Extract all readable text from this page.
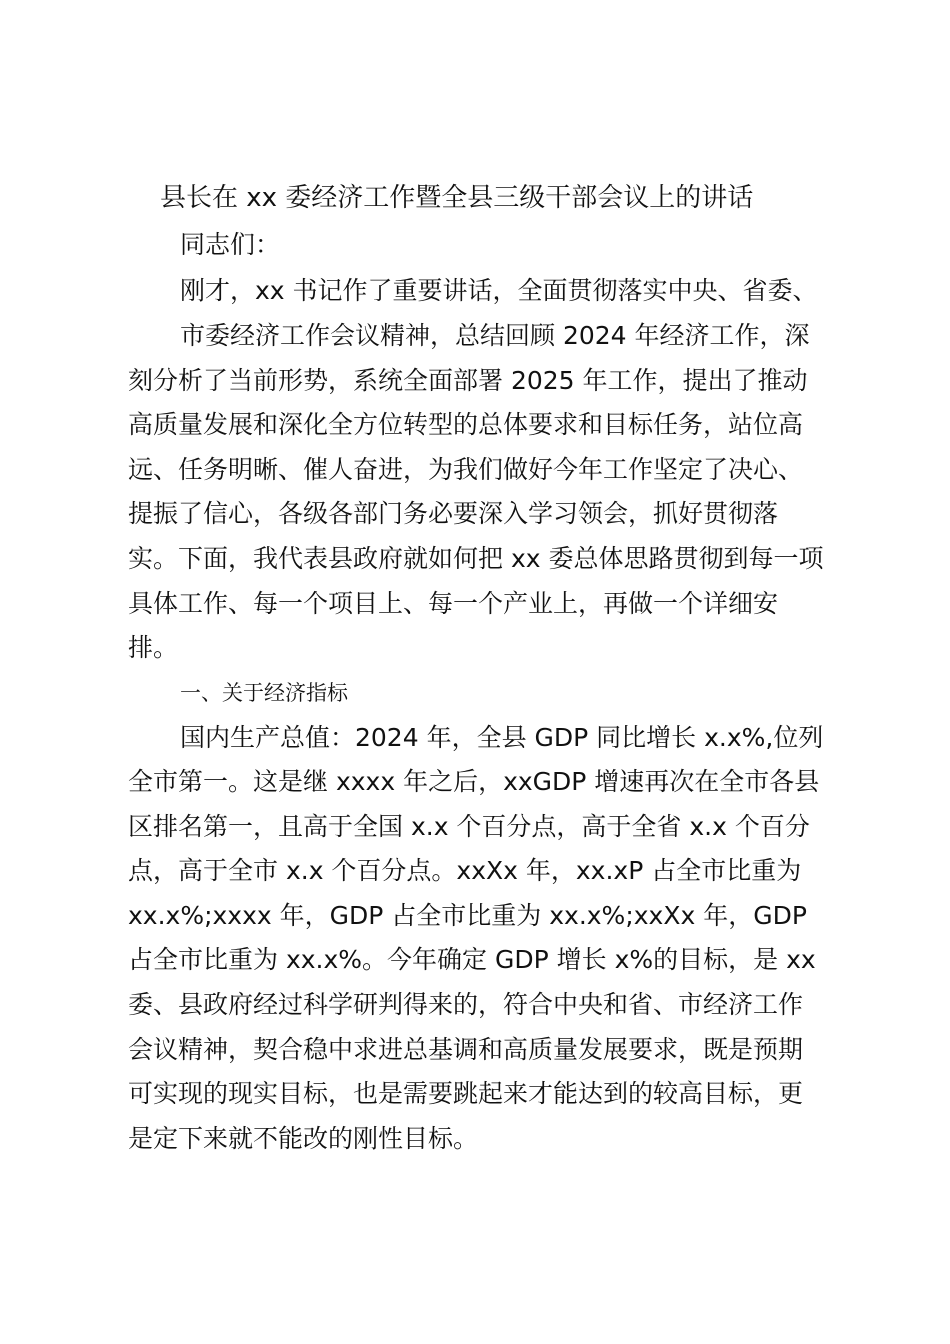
县长在 xx 委经济工作暨全县三级干部会议上的讲话
同志们：
刚才，xx 书记作了重要讲话，全面贯彻落实中央、省委、
市委经济工作会议精神，总结回顾 2024 年经济工作，深
刻分析了当前形势，系统全面部署 2025 年工作，提出了推动
高质量发展和深化全方位转型的总体要求和目标任务，站位高
远、任务明晰、催人奋进，为我们做好今年工作坚定了决心、
提振了信心，各级各部门务必要深入学习领会，抓好贯彻落
实。下面，我代表县政府就如何把 xx 委总体思路贯彻到每一项
具体工作、每一个项目上、每一个产业上，再做一个详细安
排。
一、关于经济指标
国内生产总值：2024 年，全县 GDP 同比增长 x.x%,位列
全市第一。这是继 xxxx 年之后，xxGDP 增速再次在全市各县
区排名第一，且高于全国 x.x 个百分点，高于全省 x.x 个百分
点，高于全市 x.x 个百分点。xxXx 年，xx.xP 占全市比重为
xx.x%;xxxx 年，GDP 占全市比重为 xx.x%;xxXx 年，GDP
占全市比重为 xx.x%。今年确定 GDP 增长 x%的目标，是 xx
委、县政府经过科学研判得来的，符合中央和省、市经济工作
会议精神，契合稳中求进总基调和高质量发展要求，既是预期
可实现的现实目标，也是需要跳起来才能达到的较高目标，更
是定下来就不能改的刚性目标。
